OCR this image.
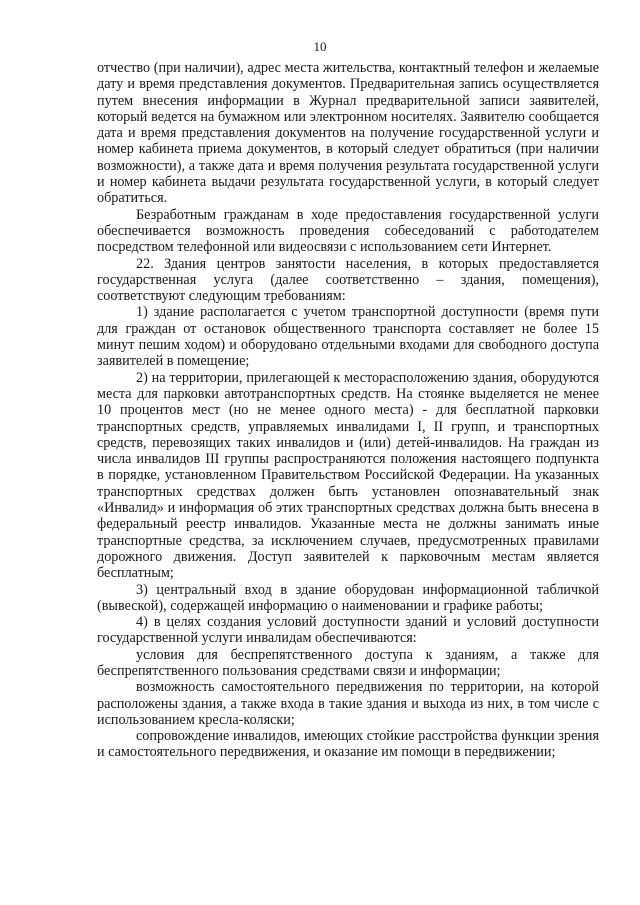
10

отчество (при наличии), адрес места жительства, контактный телефон и желаемые дату и время представления документов. Предварительная запись осуществляется путем внесения информации в Журнал предварительной записи заявителей, который ведется на бумажном или электронном носителях. Заявителю сообщается дата и время представления документов на получение государственной услуги и номер кабинета приема документов, в который следует обратиться (при наличии возможности), а также дата и время получения результата государственной услуги и номер кабинета выдачи результата государственной услуги, в который следует обратиться.

Безработным гражданам в ходе предоставления государственной услуги обеспечивается возможность проведения собеседований с работодателем посредством телефонной или видеосвязи с использованием сети Интернет.

22. Здания центров занятости населения, в которых предоставляется государственная услуга (далее соответственно – здания, помещения), соответствуют следующим требованиям:

1) здание располагается с учетом транспортной доступности (время пути для граждан от остановок общественного транспорта составляет не более 15 минут пешим ходом) и оборудовано отдельными входами для свободного доступа заявителей в помещение;

2) на территории, прилегающей к месторасположению здания, оборудуются места для парковки автотранспортных средств. На стоянке выделяется не менее 10 процентов мест (но не менее одного места) - для бесплатной парковки транспортных средств, управляемых инвалидами I, II групп, и транспортных средств, перевозящих таких инвалидов и (или) детей-инвалидов. На граждан из числа инвалидов III группы распространяются положения настоящего подпункта в порядке, установленном Правительством Российской Федерации. На указанных транспортных средствах должен быть установлен опознавательный знак «Инвалид» и информация об этих транспортных средствах должна быть внесена в федеральный реестр инвалидов. Указанные места не должны занимать иные транспортные средства, за исключением случаев, предусмотренных правилами дорожного движения. Доступ заявителей к парковочным местам является бесплатным;

3) центральный вход в здание оборудован информационной табличкой (вывеской), содержащей информацию о наименовании и графике работы;

4) в целях создания условий доступности зданий и условий доступности государственной услуги инвалидам обеспечиваются:

условия для беспрепятственного доступа к зданиям, а также для беспрепятственного пользования средствами связи и информации;

возможность самостоятельного передвижения по территории, на которой расположены здания, а также входа в такие здания и выхода из них, в том числе с использованием кресла-коляски;

сопровождение инвалидов, имеющих стойкие расстройства функции зрения и самостоятельного передвижения, и оказание им помощи в передвижении;
